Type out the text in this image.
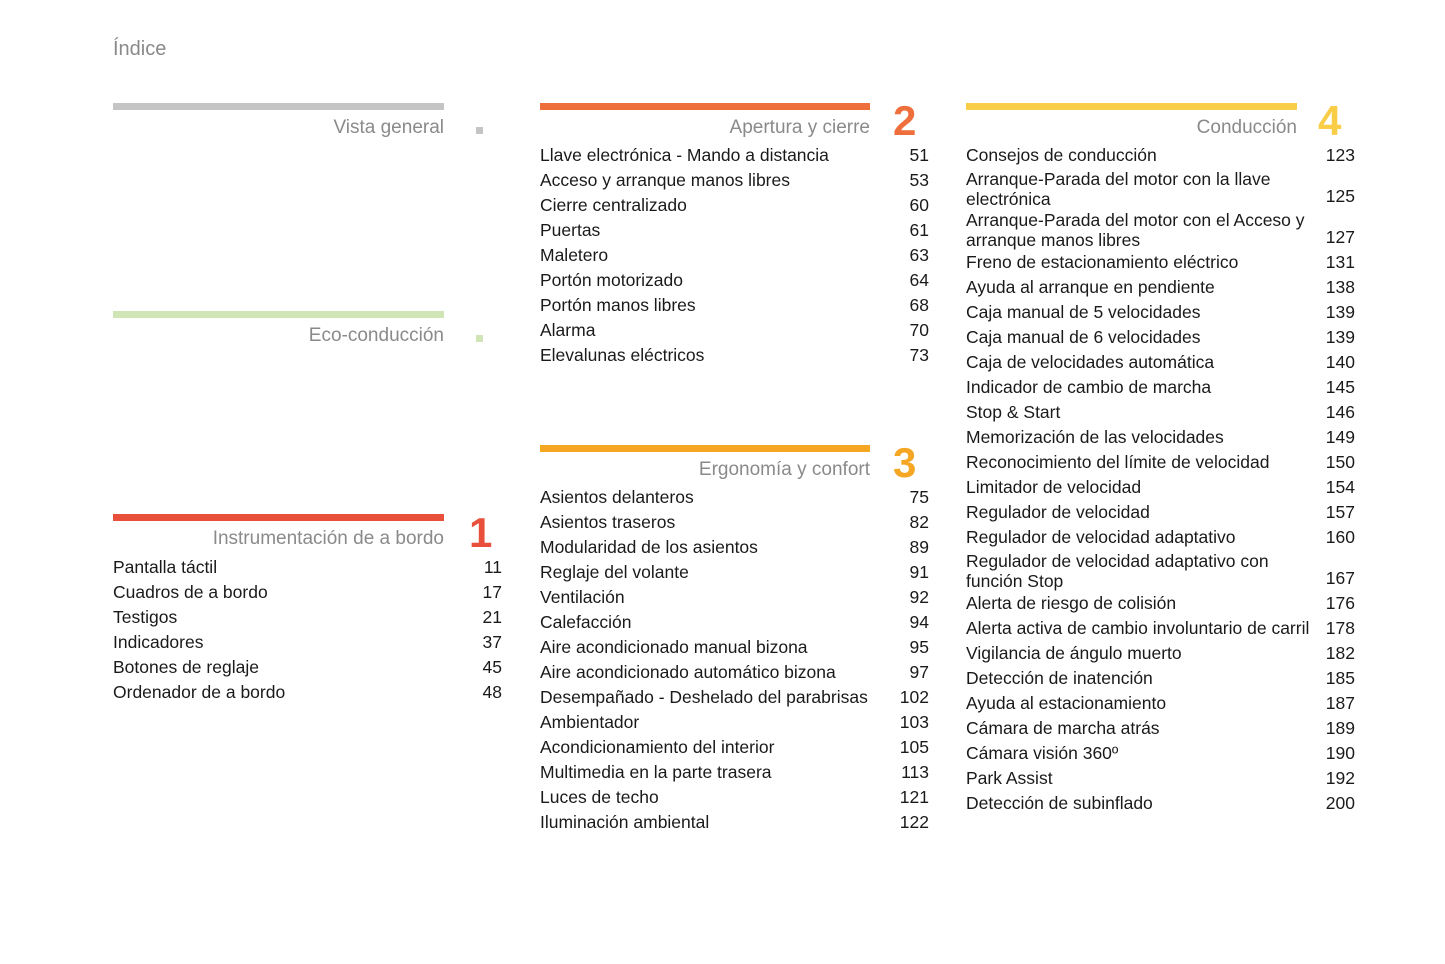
Índice
Vista general
Eco-conducción
Instrumentación de a bordo 1
Pantalla táctil	11
Cuadros de a bordo	17
Testigos	21
Indicadores	37
Botones de reglaje	45
Ordenador de a bordo	48
Apertura y cierre 2
Llave electrónica - Mando a distancia	51
Acceso y arranque manos libres	53
Cierre centralizado	60
Puertas	61
Maletero	63
Portón motorizado	64
Portón manos libres	68
Alarma	70
Elevalunas eléctricos	73
Ergonomía y confort 3
Asientos delanteros	75
Asientos traseros	82
Modularidad de los asientos	89
Reglaje del volante	91
Ventilación	92
Calefacción	94
Aire acondicionado manual bizona	95
Aire acondicionado automático bizona	97
Desempañado - Deshelado del parabrisas	102
Ambientador	103
Acondicionamiento del interior	105
Multimedia en la parte trasera	113
Luces de techo	121
Iluminación ambiental	122
Conducción 4
Consejos de conducción	123
Arranque-Parada del motor con la llave electrónica	125
Arranque-Parada del motor con el Acceso y arranque manos libres	127
Freno de estacionamiento eléctrico	131
Ayuda al arranque en pendiente	138
Caja manual de 5 velocidades	139
Caja manual de 6 velocidades	139
Caja de velocidades automática	140
Indicador de cambio de marcha	145
Stop & Start	146
Memorización de las velocidades	149
Reconocimiento del límite de velocidad	150
Limitador de velocidad	154
Regulador de velocidad	157
Regulador de velocidad adaptativo	160
Regulador de velocidad adaptativo con función Stop	167
Alerta de riesgo de colisión	176
Alerta activa de cambio involuntario de carril 178
Vigilancia de ángulo muerto	182
Detección de inatención	185
Ayuda al estacionamiento	187
Cámara de marcha atrás	189
Cámara visión 360º	190
Park Assist	192
Detección de subinflado	200
